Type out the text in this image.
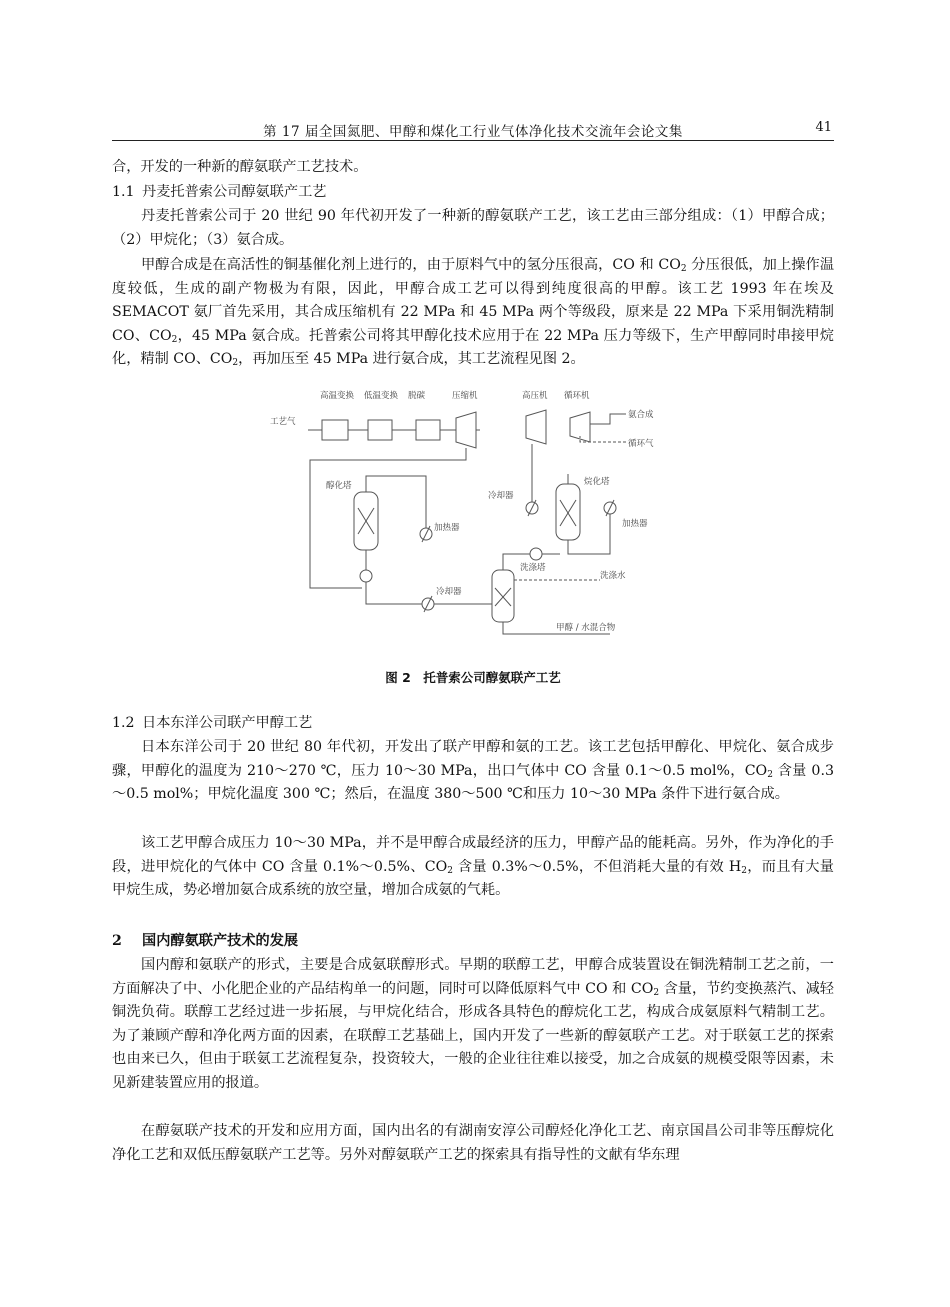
第 17 届全国氮肥、甲醇和煤化工行业气体净化技术交流年会论文集	41

合，开发的一种新的醇氨联产工艺技术。

1.1 丹麦托普索公司醇氨联产工艺

丹麦托普索公司于 20 世纪 90 年代初开发了一种新的醇氨联产工艺，该工艺由三部分组成：（1）甲醇合成；（2）甲烷化；（3）氨合成。

甲醇合成是在高活性的铜基催化剂上进行的，由于原料气中的氢分压很高，CO 和 $CO_2$ 分压很低，加上操作温度较低，生成的副产物极为有限，因此，甲醇合成工艺可以得到纯度很高的甲醇。该工艺 1993 年在埃及 SEMACOT 氨厂首先采用，其合成压缩机有 22 MPa 和 45 MPa 两个等级段，原来是 22 MPa 下采用铜洗精制 CO、$CO_2$，45 MPa 氨合成。托普索公司将其甲醇化技术应用于在 22 MPa 压力等级下，生产甲醇同时串接甲烷化，精制 CO、$CO_2$，再加压至 45 MPa 进行氨合成，其工艺流程见图 2。

高温变换 低温变换 脱碳	压缩机	高压机 循环机
工艺气
氨合成
循环气
醇化塔
加热器
冷却器
烷化塔
加热器
洗涤塔
洗涤水
冷却器
甲醇 / 水混合物
图 2　托普索公司醇氨联产工艺
1.2 日本东洋公司联产甲醇工艺

日本东洋公司于 20 世纪 80 年代初，开发出了联产甲醇和氨的工艺。该工艺包括甲醇化、甲烷化、氨合成步骤，甲醇化的温度为 210～270 ℃，压力 10～30 MPa，出口气体中 CO 含量 0.1～0.5 mol%，$CO_2$ 含量 0.3～0.5 mol%；甲烷化温度 300 ℃；然后，在温度 380～500 ℃和压力 10～30 MPa 条件下进行氨合成。

该工艺甲醇合成压力 10～30 MPa，并不是甲醇合成最经济的压力，甲醇产品的能耗高。另外，作为净化的手段，进甲烷化的气体中 CO 含量 0.1%～0.5%、$CO_2$ 含量 0.3%～0.5%，不但消耗大量的有效 $H_2$，而且有大量甲烷生成，势必增加氨合成系统的放空量，增加合成氨的气耗。

2 国内醇氨联产技术的发展

国内醇和氨联产的形式，主要是合成氨联醇形式。早期的联醇工艺，甲醇合成装置设在铜洗精制工艺之前，一方面解决了中、小化肥企业的产品结构单一的问题，同时可以降低原料气中 CO 和 $CO_2$ 含量，节约变换蒸汽、减轻铜洗负荷。联醇工艺经过进一步拓展，与甲烷化结合，形成各具特色的醇烷化工艺，构成合成氨原料气精制工艺。为了兼顾产醇和净化两方面的因素，在联醇工艺基础上，国内开发了一些新的醇氨联产工艺。对于联氨工艺的探索也由来已久，但由于联氨工艺流程复杂，投资较大，一般的企业往往难以接受，加之合成氨的规模受限等因素，未见新建装置应用的报道。

在醇氨联产技术的开发和应用方面，国内出名的有湖南安淳公司醇烃化净化工艺、南京国昌公司非等压醇烷化净化工艺和双低压醇氨联产工艺等。另外对醇氨联产工艺的探索具有指导性的文献有华东理
